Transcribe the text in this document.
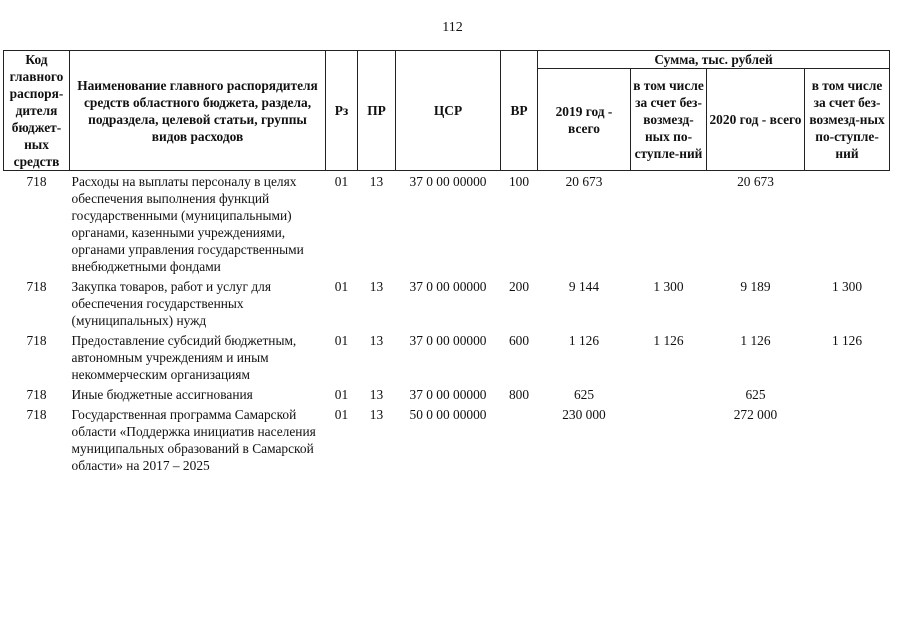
112
Код главного распоря-дителя бюджет-ных средств	Наименование главного распорядителя средств областного бюджета, раздела, подраздела, целевой статьи, группы видов расходов	Рз	ПР	ЦСР	ВР	Сумма, тыс. рублей			
						2019 год - всего	в том числе за счет без-возмезд-ных по-ступле-ний	2020 год - всего	в том числе за счет без-возмезд-ных по-ступле-ний
718	Расходы на выплаты персоналу в целях обеспечения выполнения функций государственными (муниципальными) органами, казенными учреждениями, органами управления государственными внебюджетными фондами	01	13	37 0 00 00000	100	20 673		20 673	
718	Закупка товаров, работ и услуг для обеспечения государственных (муниципальных) нужд	01	13	37 0 00 00000	200	9 144	1 300	9 189	1 300
718	Предоставление субсидий бюджетным, автономным учреждениям и иным некоммерческим организациям	01	13	37 0 00 00000	600	1 126	1 126	1 126	1 126
718	Иные бюджетные ассигнования	01	13	37 0 00 00000	800	625		625	
718	Государственная программа Самарской области «Поддержка инициатив населения муниципальных образований в Самарской области» на 2017 – 2025	01	13	50 0 00 00000		230 000		272 000	
